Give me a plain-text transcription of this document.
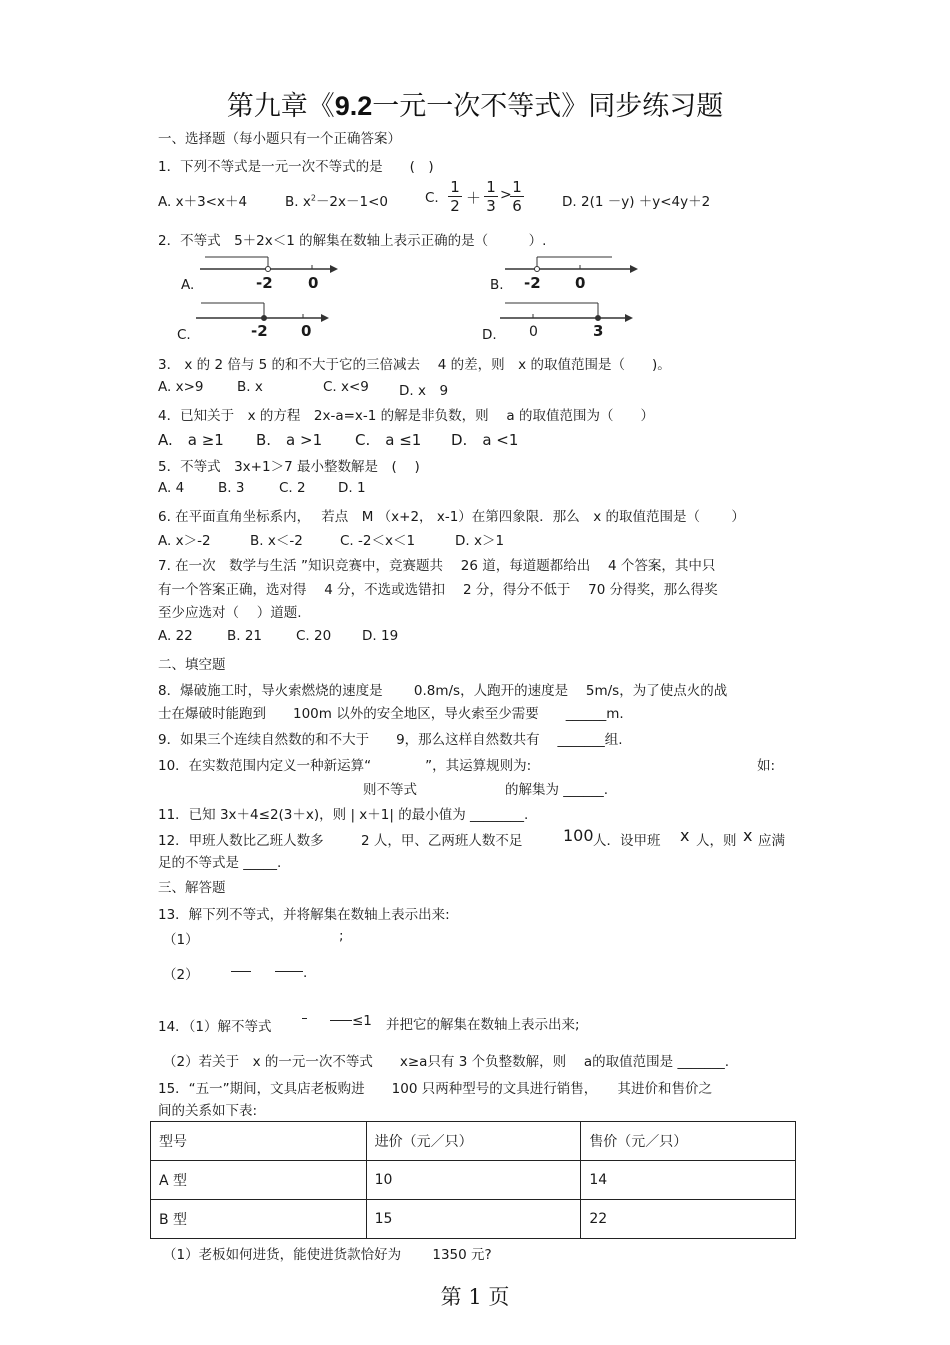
第九章《9.2一元一次不等式》同步练习题
一、选择题（每小题只有一个正确答案）
1．下列不等式是一元一次不等式的是　　(　)
A. x＋3<x＋4	B. $x^2-2x-1<0$	C.
1
2 ＋
1
3
> 1
6	D. 2(1 －y) ＋y<4y＋2
2．不等式　5＋2x＜1 的解集在数轴上表示正确的是（　　　）.
A.	-2 0	B. -2 0
C.	-2 0	D. 0	3
3． x 的 2 倍与 5 的和不大于它的三倍减去　 4 的差，则　x 的取值范围是（　　)。
A. x>9 B. x	C. x<9 D. x　9
4．已知关于　x 的方程　2x-a=x-1 的解是非负数，则　 a 的取值范围为（　　）
A.　a ≥1 B.　a >1 C.　a ≤1 D.　a <1
5．不等式　3x+1＞7 最小整数解是　(　 )
A. 4	B. 3	C. 2 D. 1
6. 在平面直角坐标系内，　 若点　M （x+2， x-1）在第四象限．那么　x 的取值范围是（　　 ）
A. x＞-2	B. x＜-2	C. -2＜x＜1	D. x＞1
7. 在一次　数学与生活 ”知识竞赛中，竞赛题共　 26 道，每道题都给出　 4 个答案，其中只
有一个答案正确，选对得　 4 分，不选或选错扣　 2 分，得分不低于　 70 分得奖，那么得奖
至少应选对（　 ）道题.
A. 22	B. 21	C. 20 D. 19
二、填空题
8．爆破施工时，导火索燃烧的速度是　　 0.8m/s，人跑开的速度是　 5m/s，为了使点火的战
士在爆破时能跑到　　100m 以外的安全地区，导火索至少需要　　______m.
9．如果三个连续自然数的和不大于　　9，那么这样自然数共有　 _______组.
10．在实数范围内定义一种新运算“　　　　”，其运算规则为:	如:
则不等式	的解集为 ______.
11．已知 3x＋4≤2(3＋x)，则 | x＋1| 的最小值为 ________.
12．甲班人数比乙班人数多	2 人，甲、乙两班人数不足	100 人．设甲班 x 人，则 x 应满
足的不等式是 _____.
三、解答题
13．解下列不等式，并将解集在数轴上表示出来:
（1）	;
（2）	.
14．（1）解不等式	≤1 并把它的解集在数轴上表示出来;
（2）若关于　x 的一元一次不等式　　x≥a只有 3 个负整数解，则　 a的取值范围是 _______.
15．“五一”期间，文具店老板购进　　100 只两种型号的文具进行销售，　　其进价和售价之
间的关系如下表:
型号	进价（元／只）	售价（元／只）
A 型	10	14
B 型	15	22
（1）老板如何进货，能使进货款恰好为　　 1350 元?
第 1 页
